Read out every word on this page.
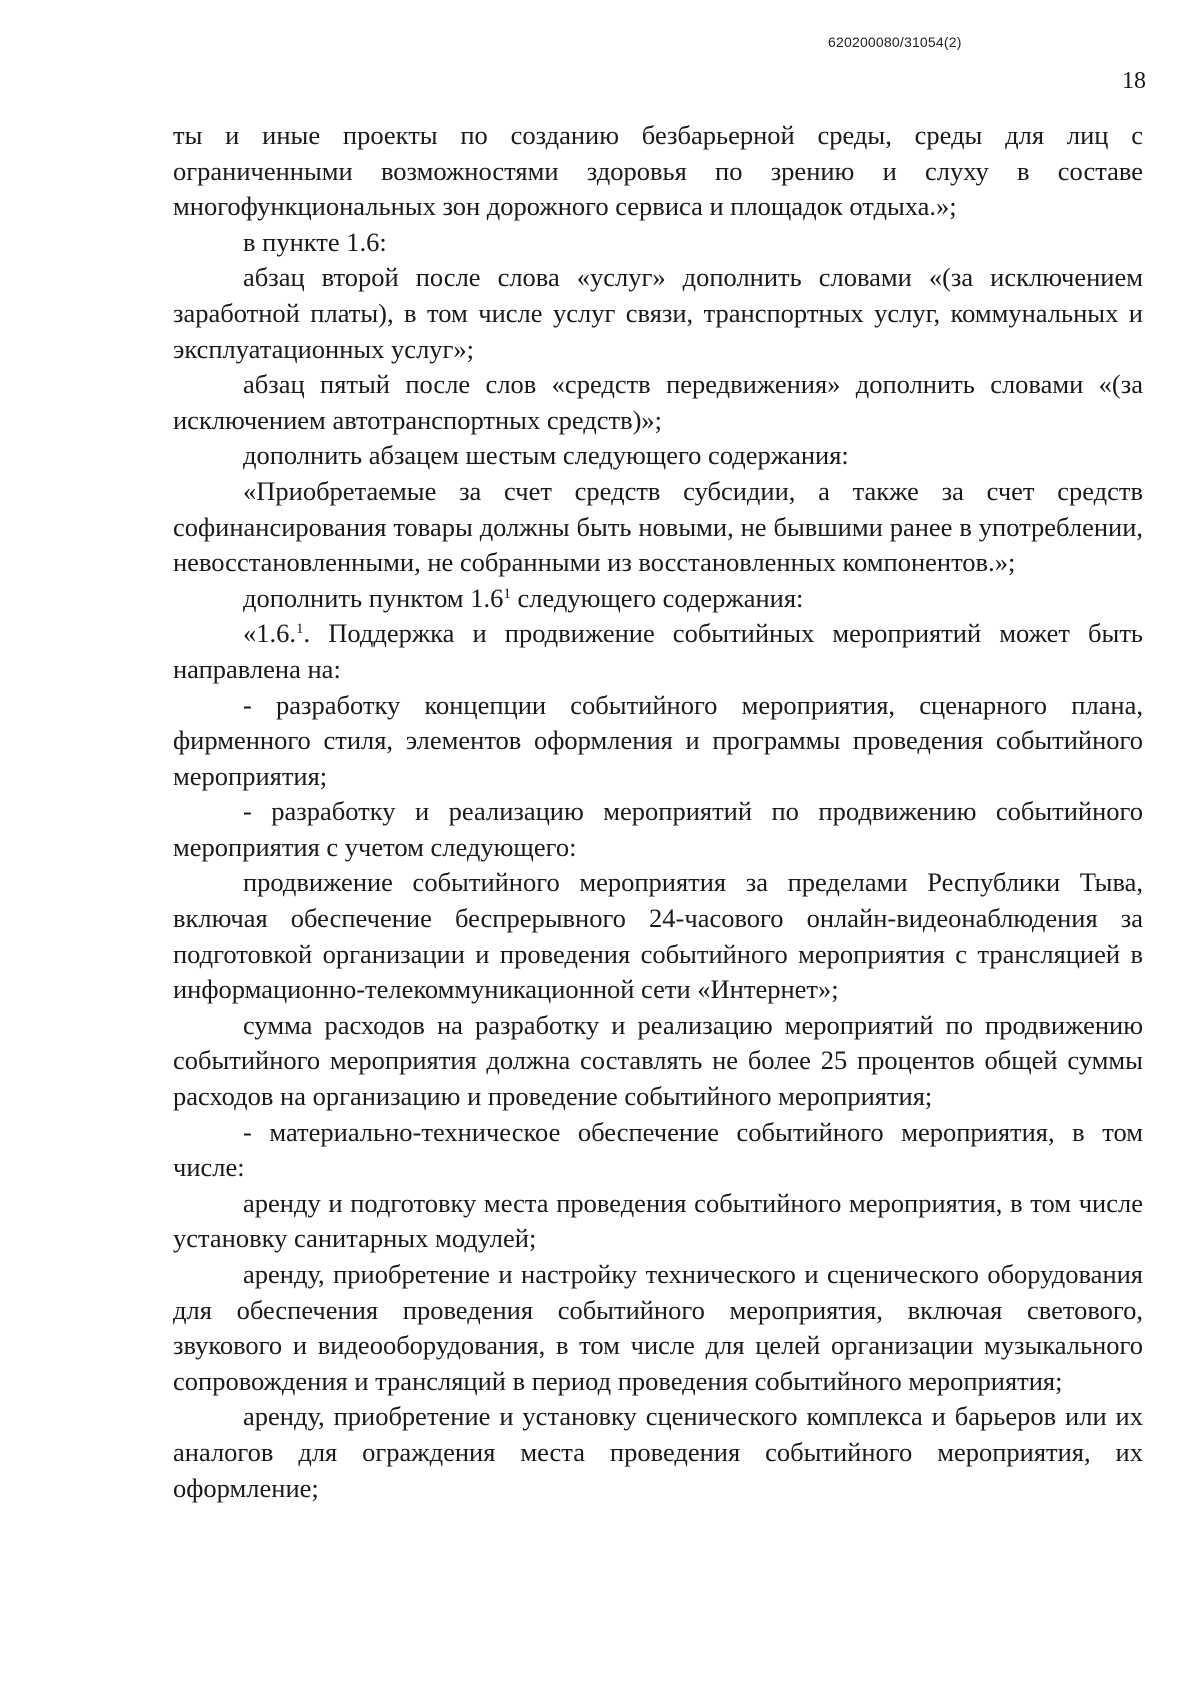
620200080/31054(2)
18

ты и иные проекты по созданию безбарьерной среды, среды для лиц с ограниченными возможностями здоровья по зрению и слуху в составе многофункциональных зон дорожного сервиса и площадок отдыха.»;

в пункте 1.6:

абзац второй после слова «услуг» дополнить словами «(за исключением заработной платы), в том числе услуг связи, транспортных услуг, коммунальных и эксплуатационных услуг»;

абзац пятый после слов «средств передвижения» дополнить словами «(за исключением автотранспортных средств)»;

дополнить абзацем шестым следующего содержания:

«Приобретаемые за счет средств субсидии, а также за счет средств софинансирования товары должны быть новыми, не бывшими ранее в употреблении, невосстановленными, не собранными из восстановленных компонентов.»;

дополнить пунктом $1.6^1$ следующего содержания:

«1.6.$^1$. Поддержка и продвижение событийных мероприятий может быть направлена на:

- разработку концепции событийного мероприятия, сценарного плана, фирменного стиля, элементов оформления и программы проведения событийного мероприятия;

- разработку и реализацию мероприятий по продвижению событийного мероприятия с учетом следующего:

продвижение событийного мероприятия за пределами Республики Тыва, включая обеспечение беспрерывного 24-часового онлайн-видеонаблюдения за подготовкой организации и проведения событийного мероприятия с трансляцией в информационно-телекоммуникационной сети «Интернет»;

сумма расходов на разработку и реализацию мероприятий по продвижению событийного мероприятия должна составлять не более 25 процентов общей суммы расходов на организацию и проведение событийного мероприятия;

- материально-техническое обеспечение событийного мероприятия, в том числе:

аренду и подготовку места проведения событийного мероприятия, в том числе установку санитарных модулей;

аренду, приобретение и настройку технического и сценического оборудования для обеспечения проведения событийного мероприятия, включая светового, звукового и видеооборудования, в том числе для целей организации музыкального сопровождения и трансляций в период проведения событийного мероприятия;

аренду, приобретение и установку сценического комплекса и барьеров или их аналогов для ограждения места проведения событийного мероприятия, их оформление;
